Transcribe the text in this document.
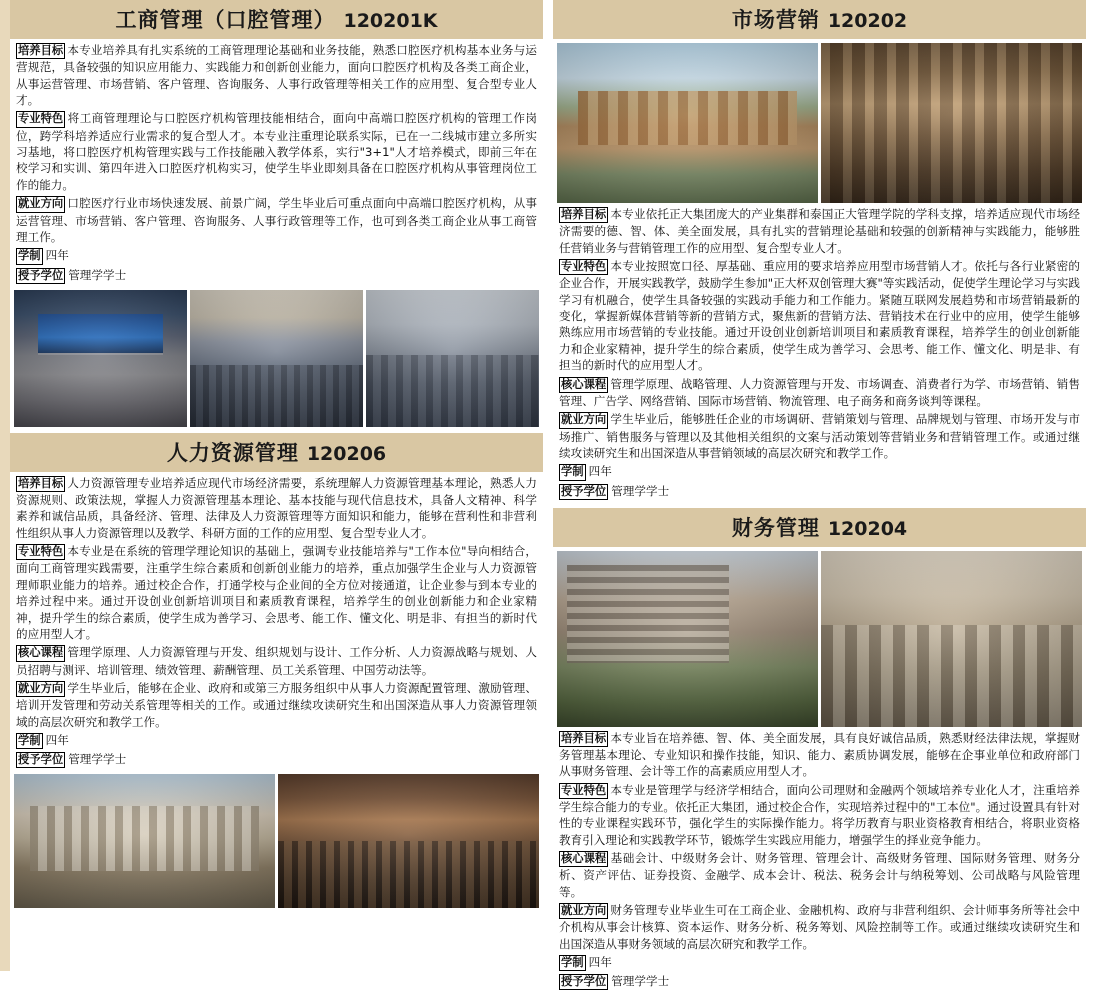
工商管理（口腔管理） 120201K

培养目标 本专业培养具有扎实系统的工商管理理论基础和业务技能，熟悉口腔医疗机构基本业务与运营规范，具备较强的知识应用能力、实践能力和创新创业能力，面向口腔医疗机构及各类工商企业，从事运营管理、市场营销、客户管理、咨询服务、人事行政管理等相关工作的应用型、复合型专业人才。

专业特色 将工商管理理论与口腔医疗机构管理技能相结合，面向中高端口腔医疗机构的管理工作岗位，跨学科培养适应行业需求的复合型人才。本专业注重理论联系实际，已在一二线城市建立多所实习基地，将口腔医疗机构管理实践与工作技能融入教学体系，实行"3+1"人才培养模式，即前三年在校学习和实训、第四年进入口腔医疗机构实习，使学生毕业即刻具备在口腔医疗机构从事管理岗位工作的能力。

就业方向 口腔医疗行业市场快速发展、前景广阔，学生毕业后可重点面向中高端口腔医疗机构，从事运营管理、市场营销、客户管理、咨询服务、人事行政管理等工作，也可到各类工商企业从事工商管理工作。

学制 四年

授予学位 管理学学士

人力资源管理 120206

培养目标 人力资源管理专业培养适应现代市场经济需要，系统理解人力资源管理基本理论，熟悉人力资源规则、政策法规，掌握人力资源管理基本理论、基本技能与现代信息技术，具备人文精神、科学素养和诚信品质，具备经济、管理、法律及人力资源管理等方面知识和能力，能够在营利性和非营利性组织从事人力资源管理以及教学、科研方面的工作的应用型、复合型专业人才。

专业特色 本专业是在系统的管理学理论知识的基础上，强调专业技能培养与"工作本位"导向相结合，面向工商管理实践需要，注重学生综合素质和创新创业能力的培养，重点加强学生企业与人力资源管理师职业能力的培养。通过校企合作，打通学校与企业间的全方位对接通道，让企业参与到本专业的培养过程中来。通过开设创业创新培训项目和素质教育课程，培养学生的创业创新能力和企业家精神，提升学生的综合素质，使学生成为善学习、会思考、能工作、懂文化、明是非、有担当的新时代的应用型人才。

核心课程 管理学原理、人力资源管理与开发、组织规划与设计、工作分析、人力资源战略与规划、人员招聘与测评、培训管理、绩效管理、薪酬管理、员工关系管理、中国劳动法等。

就业方向 学生毕业后，能够在企业、政府和或第三方服务组织中从事人力资源配置管理、激励管理、培训开发管理和劳动关系管理等相关的工作。或通过继续攻读研究生和出国深造从事人力资源管理领域的高层次研究和教学工作。

学制 四年

授予学位 管理学学士

市场营销 120202

培养目标 本专业依托正大集团庞大的产业集群和泰国正大管理学院的学科支撑，培养适应现代市场经济需要的德、智、体、美全面发展，具有扎实的营销理论基础和较强的创新精神与实践能力，能够胜任营销业务与营销管理工作的应用型、复合型专业人才。

专业特色 本专业按照宽口径、厚基础、重应用的要求培养应用型市场营销人才。依托与各行业紧密的企业合作，开展实践教学，鼓励学生参加"正大杯双创管理大赛"等实践活动，促使学生理论学习与实践学习有机融合，使学生具备较强的实践动手能力和工作能力。紧随互联网发展趋势和市场营销最新的变化，掌握新媒体营销等新的营销方式，聚焦新的营销方法、营销技术在行业中的应用，使学生能够熟练应用市场营销的专业技能。通过开设创业创新培训项目和素质教育课程，培养学生的创业创新能力和企业家精神，提升学生的综合素质，使学生成为善学习、会思考、能工作、懂文化、明是非、有担当的新时代的应用型人才。

核心课程 管理学原理、战略管理、人力资源管理与开发、市场调查、消费者行为学、市场营销、销售管理、广告学、网络营销、国际市场营销、物流管理、电子商务和商务谈判等课程。

就业方向 学生毕业后，能够胜任企业的市场调研、营销策划与管理、品牌规划与管理、市场开发与市场推广、销售服务与管理以及其他相关组织的文案与活动策划等营销业务和营销管理工作。或通过继续攻读研究生和出国深造从事营销领域的高层次研究和教学工作。

学制 四年

授予学位 管理学学士

财务管理 120204

培养目标 本专业旨在培养德、智、体、美全面发展，具有良好诚信品质，熟悉财经法律法规，掌握财务管理基本理论、专业知识和操作技能，知识、能力、素质协调发展，能够在企事业单位和政府部门从事财务管理、会计等工作的高素质应用型人才。

专业特色 本专业是管理学与经济学相结合，面向公司理财和金融两个领域培养专业化人才，注重培养学生综合能力的专业。依托正大集团，通过校企合作，实现培养过程中的"工本位"。通过设置具有针对性的专业课程实践环节，强化学生的实际操作能力。将学历教育与职业资格教育相结合，将职业资格教育引入理论和实践教学环节，锻炼学生实践应用能力，增强学生的择业竞争能力。

核心课程 基础会计、中级财务会计、财务管理、管理会计、高级财务管理、国际财务管理、财务分析、资产评估、证券投资、金融学、成本会计、税法、税务会计与纳税筹划、公司战略与风险管理等。

就业方向 财务管理专业毕业生可在工商企业、金融机构、政府与非营利组织、会计师事务所等社会中介机构从事会计核算、资本运作、财务分析、税务筹划、风险控制等工作。或通过继续攻读研究生和出国深造从事财务领域的高层次研究和教学工作。

学制 四年

授予学位 管理学学士
